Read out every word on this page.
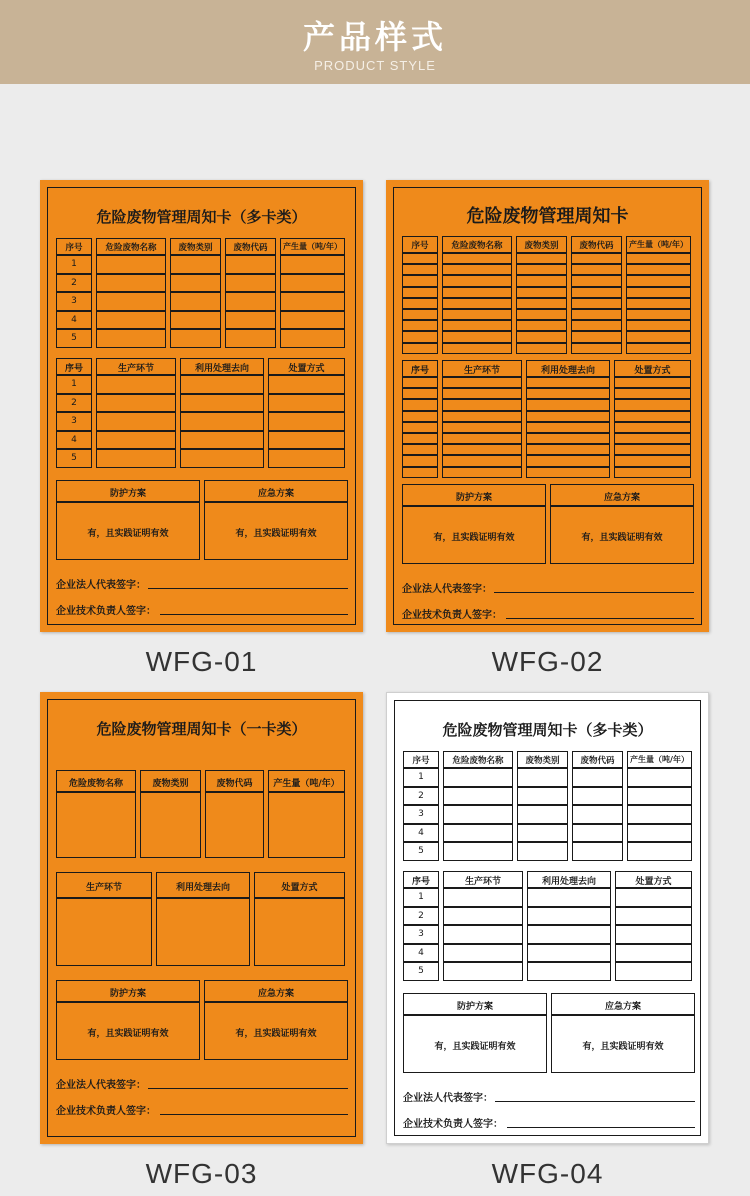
产品样式
PRODUCT STYLE
危险废物管理周知卡（多卡类）
序号	危险废物名称	废物类别	废物代码	产生量（吨/年）
1
2
3
4
5
序号	生产环节	利用处理去向	处置方式
1
2
3
4
5
防护方案
有，且实践证明有效
应急方案
有，且实践证明有效
企业法人代表签字：
企业技术负责人签字：
WFG-01
危险废物管理周知卡
序号	危险废物名称	废物类别	废物代码	产生量（吨/年）
序号	生产环节	利用处理去向	处置方式
防护方案
有，且实践证明有效
应急方案
有，且实践证明有效
企业法人代表签字：
企业技术负责人签字：
WFG-02
危险废物管理周知卡（一卡类）
危险废物名称	废物类别	废物代码	产生量（吨/年）
生产环节	利用处理去向	处置方式
防护方案
有，且实践证明有效
应急方案
有，且实践证明有效
企业法人代表签字：
企业技术负责人签字：
WFG-03
危险废物管理周知卡（多卡类）
序号	危险废物名称	废物类别	废物代码	产生量（吨/年）
1
2
3
4
5
序号	生产环节	利用处理去向	处置方式
1
2
3
4
5
防护方案
有，且实践证明有效
应急方案
有，且实践证明有效
企业法人代表签字：
企业技术负责人签字：
WFG-04
